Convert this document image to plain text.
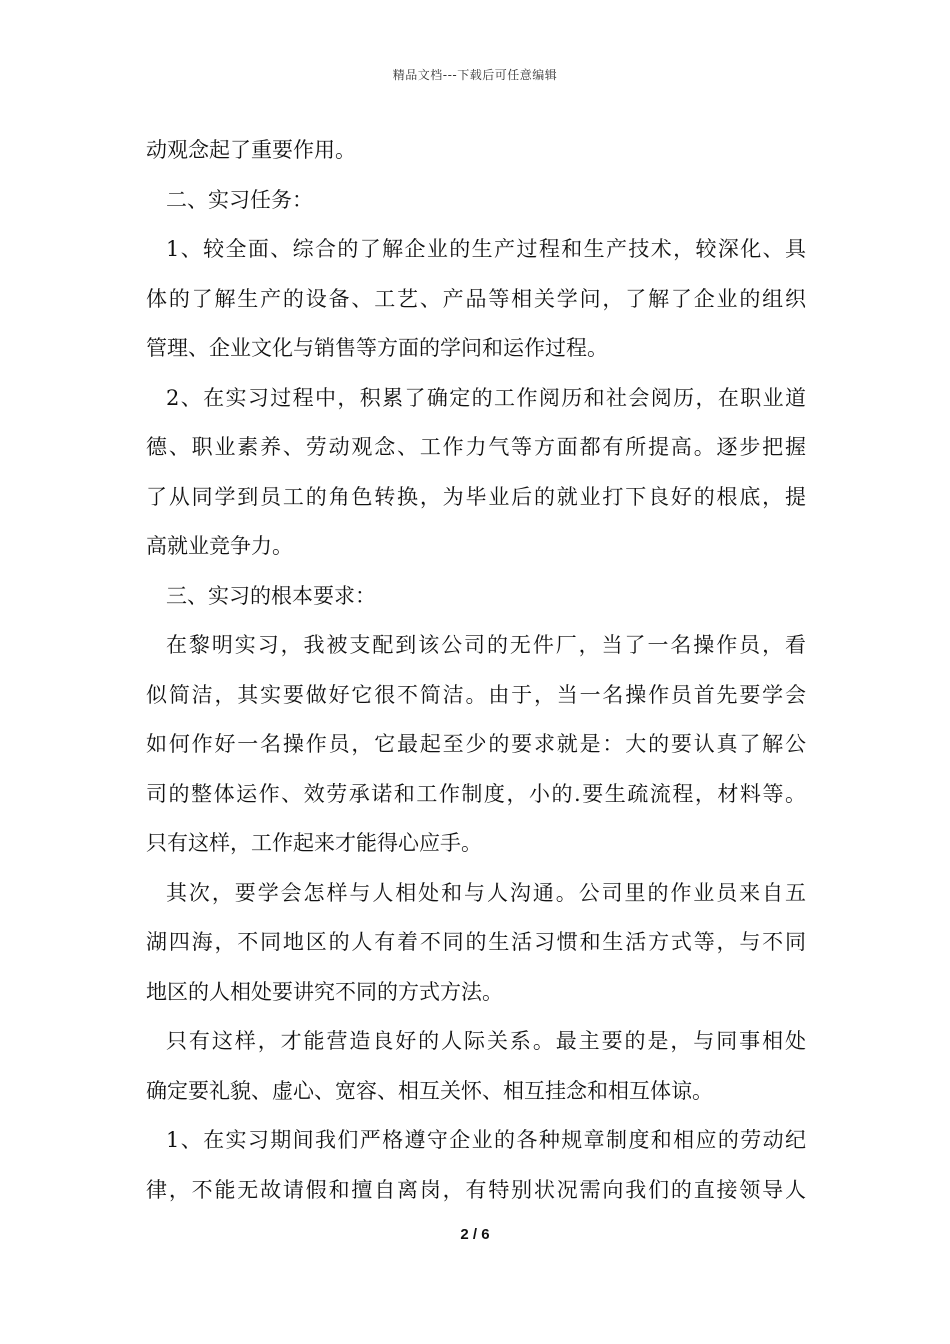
精品文档---下载后可任意编辑
动观念起了重要作用。
二、实习任务：
1、较全面、综合的了解企业的生产过程和生产技术，较深化、具
体的了解生产的设备、工艺、产品等相关学问，了解了企业的组织
管理、企业文化与销售等方面的学问和运作过程。
2、在实习过程中，积累了确定的工作阅历和社会阅历，在职业道
德、职业素养、劳动观念、工作力气等方面都有所提高。逐步把握
了从同学到员工的角色转换，为毕业后的就业打下良好的根底，提
高就业竞争力。
三、实习的根本要求：
在黎明实习，我被支配到该公司的无件厂，当了一名操作员，看
似简洁，其实要做好它很不简洁。由于，当一名操作员首先要学会
如何作好一名操作员，它最起至少的要求就是：大的要认真了解公
司的整体运作、效劳承诺和工作制度，小的.要生疏流程，材料等。
只有这样，工作起来才能得心应手。
其次，要学会怎样与人相处和与人沟通。公司里的作业员来自五
湖四海，不同地区的人有着不同的生活习惯和生活方式等，与不同
地区的人相处要讲究不同的方式方法。
只有这样，才能营造良好的人际关系。最主要的是，与同事相处
确定要礼貌、虚心、宽容、相互关怀、相互挂念和相互体谅。
1、在实习期间我们严格遵守企业的各种规章制度和相应的劳动纪
律，不能无故请假和擅自离岗，有特别状况需向我们的直接领导人
2 / 6
